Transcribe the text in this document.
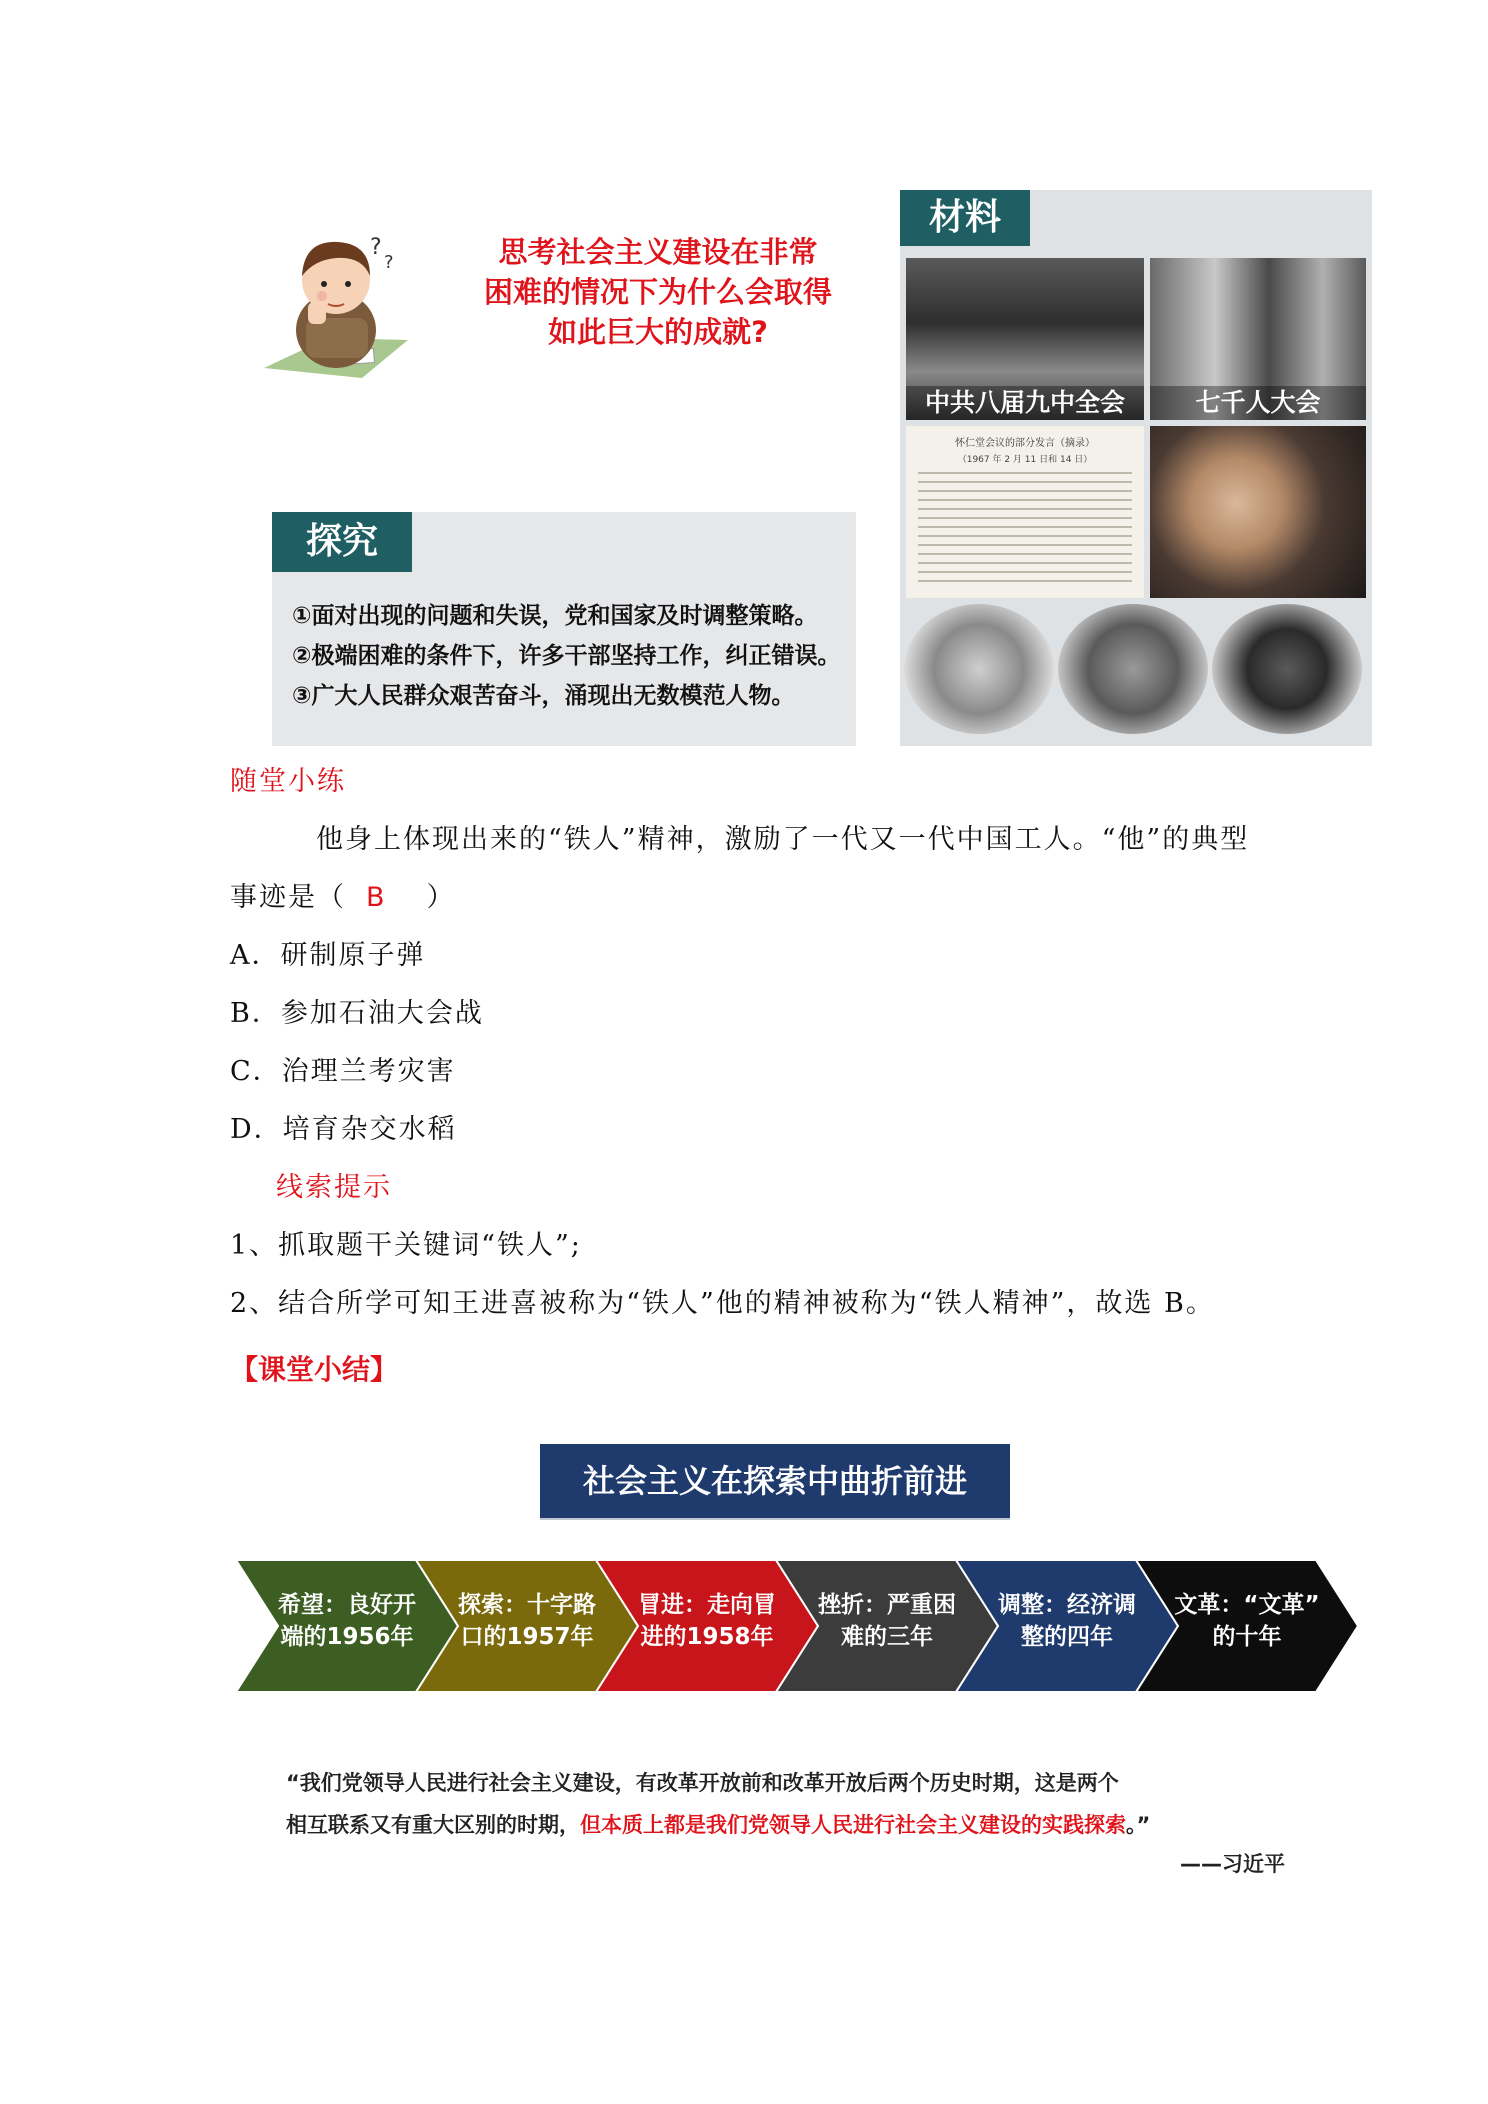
?
?	思考社会主义建设在非常
困难的情况下为什么会取得
如此巨大的成就?
探究
①面对出现的问题和失误，党和国家及时调整策略。
②极端困难的条件下，许多干部坚持工作，纠正错误。
③广大人民群众艰苦奋斗，涌现出无数模范人物。
中共八届九中全会	七千人大会
怀仁堂会议的部分发言（摘录）
（1967 年 2 月 11 日和 14 日）
材料
随堂小练
他身上体现出来的“铁人”精神，激励了一代又一代中国工人。“他”的典型
事迹是（ B ）
A．研制原子弹
B．参加石油大会战
C．治理兰考灾害
D．培育杂交水稻
线索提示
1、抓取题干关键词“铁人”;
2、结合所学可知王进喜被称为“铁人”他的精神被称为“铁人精神”，故选 B。
【课堂小结】
社会主义在探索中曲折前进
希望：良好开
端的1956年
探索：十字路
口的1957年
冒进：走向冒
进的1958年
挫折：严重困
难的三年
调整：经济调
整的四年
文革：“文革”
的十年
“我们党领导人民进行社会主义建设，有改革开放前和改革开放后两个历史时期，这是两个
相互联系又有重大区别的时期，但本质上都是我们党领导人民进行社会主义建设的实践探索。”
——习近平
